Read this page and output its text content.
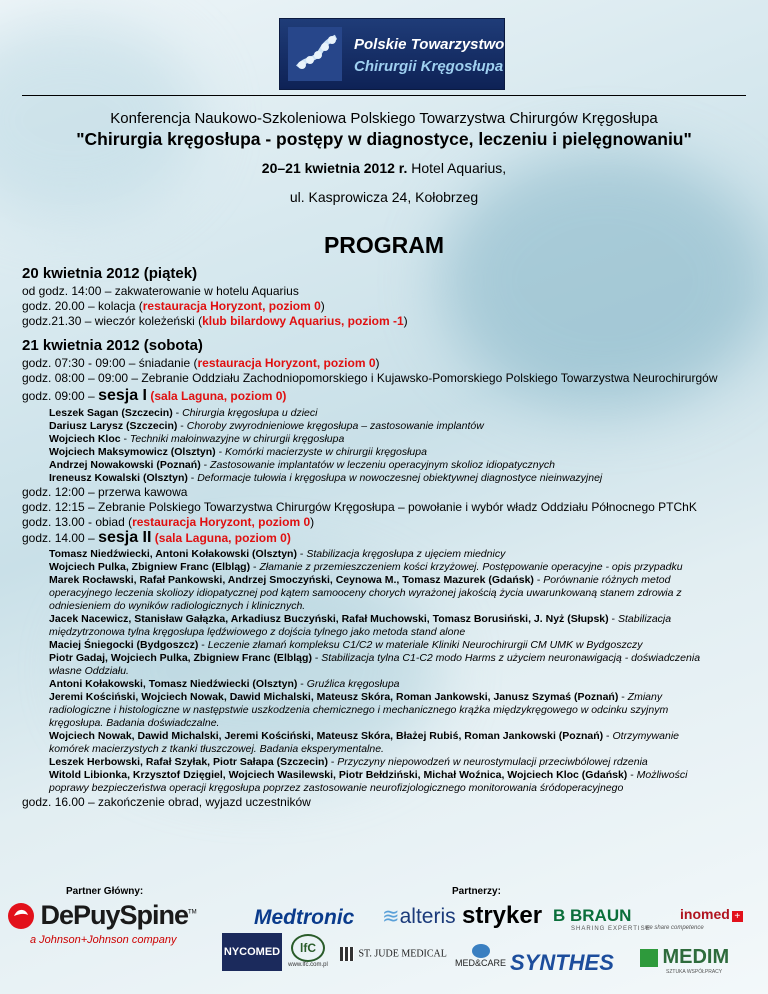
Polskie Towarzystwo
Chirurgii Kręgosłupa
Konferencja Naukowo-Szkoleniowa Polskiego Towarzystwa Chirurgów Kręgosłupa
"Chirurgia kręgosłupa - postępy w diagnostyce, leczeniu i pielęgnowaniu"
20–21 kwietnia 2012 r. Hotel Aquarius,
ul. Kasprowicza 24, Kołobrzeg
PROGRAM
20 kwietnia 2012 (piątek)
od godz. 14:00 – zakwaterowanie w hotelu Aquarius
godz. 20.00 – kolacja (restauracja Horyzont, poziom 0)
godz.21.30 – wieczór koleżeński (klub bilardowy Aquarius, poziom -1)
21 kwietnia 2012 (sobota)
godz. 07:30 - 09:00 – śniadanie (restauracja Horyzont, poziom 0)
godz. 08:00 – 09:00 – Zebranie Oddziału Zachodniopomorskiego i Kujawsko-Pomorskiego Polskiego Towarzystwa Neurochirurgów
godz. 09:00 – sesja I (sala Laguna, poziom 0)
Leszek Sagan (Szczecin) - Chirurgia kręgosłupa u dzieci
Dariusz Larysz (Szczecin) - Choroby zwyrodnieniowe kręgosłupa – zastosowanie implantów
Wojciech Kloc - Techniki małoinwazyjne w chirurgii kręgosłupa
Wojciech Maksymowicz (Olsztyn) - Komórki macierzyste w chirurgii kręgosłupa
Andrzej Nowakowski (Poznań) - Zastosowanie implantatów w leczeniu operacyjnym skolioz idiopatycznych
Ireneusz Kowalski (Olsztyn) - Deformacje tułowia i kręgosłupa w nowoczesnej obiektywnej diagnostyce nieinwazyjnej
godz. 12:00 – przerwa kawowa
godz. 12:15 – Zebranie Polskiego Towarzystwa Chirurgów Kręgosłupa – powołanie i wybór władz Oddziału Północnego PTChK
godz. 13.00 - obiad (restauracja Horyzont, poziom 0)
godz. 14.00 – sesja II (sala Laguna, poziom 0)
Tomasz Niedźwiecki, Antoni Kołakowski (Olsztyn) - Stabilizacja kręgosłupa z ujęciem miednicy
Wojciech Pulka, Zbigniew Franc (Elbląg) - Złamanie z przemieszczeniem kości krzyżowej. Postępowanie operacyjne - opis przypadku
Marek Rocławski, Rafał Pankowski, Andrzej Smoczyński, Ceynowa M., Tomasz Mazurek (Gdańsk) - Porównanie różnych metod
operacyjnego leczenia skoliozy idiopatycznej pod kątem samooceny chorych wyrażonej jakością życia uwarunkowaną stanem zdrowia z
odniesieniem do wyników radiologicznych i klinicznych.
Jacek Nacewicz, Stanisław Gałązka, Arkadiusz Buczyński, Rafał Muchowski, Tomasz Borusiński, J. Nyż (Słupsk) - Stabilizacja
międzytrzonowa tylna kręgosłupa lędźwiowego z dojścia tylnego jako metoda stand alone
Maciej Śniegocki (Bydgoszcz) - Leczenie złamań kompleksu C1/C2 w materiale Kliniki Neurochirurgii CM UMK w Bydgoszczy
Piotr Gadaj, Wojciech Pulka, Zbigniew Franc (Elbląg) - Stabilizacja tylna C1-C2 modo Harms z użyciem neuronawigacją - doświadczenia
własne Oddziału.
Antoni Kołakowski, Tomasz Niedźwiecki (Olsztyn) - Gruźlica kręgosłupa
Jeremi Kościński, Wojciech Nowak, Dawid Michalski, Mateusz Skóra, Roman Jankowski, Janusz Szymaś (Poznań) - Zmiany
radiologiczne i histologiczne w następstwie uszkodzenia chemicznego i mechanicznego krążka międzykręgowego w odcinku szyjnym
kręgosłupa. Badania doświadczalne.
Wojciech Nowak, Dawid Michalski, Jeremi Kościński, Mateusz Skóra, Błażej Rubiś, Roman Jankowski (Poznań) - Otrzymywanie
komórek macierzystych z tkanki tłuszczowej. Badania eksperymentalne.
Leszek Herbowski, Rafał Szyłak, Piotr Sałapa (Szczecin) - Przyczyny niepowodzeń w neurostymulacji przeciwbólowej rdzenia
Witold Libionka, Krzysztof Dzięgiel, Wojciech Wasilewski, Piotr Bełdziński, Michał Woźnica, Wojciech Kloc (Gdańsk) - Możliwości
poprawy bezpieczeństwa operacji kręgosłupa poprzez zastosowanie neurofizjologicznego monitorowania śródoperacyjnego
godz. 16.00 – zakończenie obrad, wyjazd uczestników
Partner Główny:	Partnerzy:
DePuySpine™
a Johnson+Johnson company
Medtronic ≋alteris stryker B BRAUN
SHARING EXPERTISE
inomed +
we share competence
NYCOMED	lfC
www.lfc.com.pl
ST. JUDE MEDICAL
MED&CARE SYNTHES	MEDIM
SZTUKA WSPÓŁPRACY
